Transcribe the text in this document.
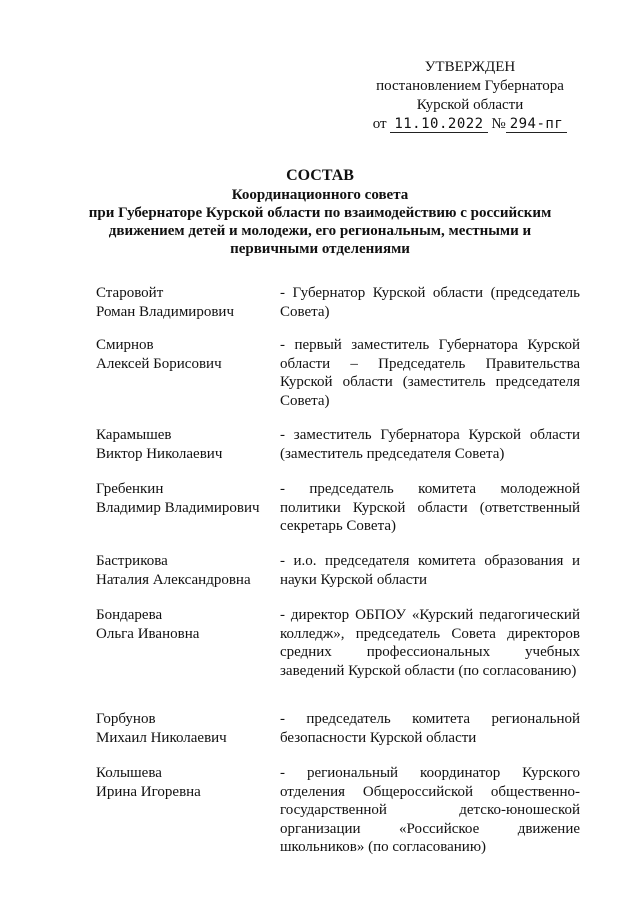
УТВЕРЖДЕН
постановлением Губернатора
Курской области
от 11.10.2022 № 294-пг
СОСТАВ
Координационного совета
при Губернаторе Курской области по взаимодействию с российским
движением детей и молодежи, его региональным, местными и
первичными отделениями
Старовойт
Роман Владимирович
- Губернатор Курской области (председатель Совета)
Смирнов
Алексей Борисович
- первый заместитель Губернатора Курской области – Председатель Правительства Курской области (заместитель председателя Совета)
Карамышев
Виктор Николаевич
- заместитель Губернатора Курской области (заместитель председателя Совета)
Гребенкин
Владимир Владимирович
- председатель комитета молодежной политики Курской области (ответственный секретарь Совета)
Бастрикова
Наталия Александровна
- и.о. председателя комитета образования и науки Курской области
Бондарева
Ольга Ивановна
- директор ОБПОУ «Курский педагогический колледж», председатель Совета директоров средних профессиональных учебных заведений Курской области (по согласованию)
Горбунов
Михаил Николаевич
- председатель комитета региональной безопасности Курской области
Колышева
Ирина Игоревна
- региональный координатор Курского отделения Общероссийской общественно-государственной детско-юношеской организации «Российское движение школьников» (по согласованию)
